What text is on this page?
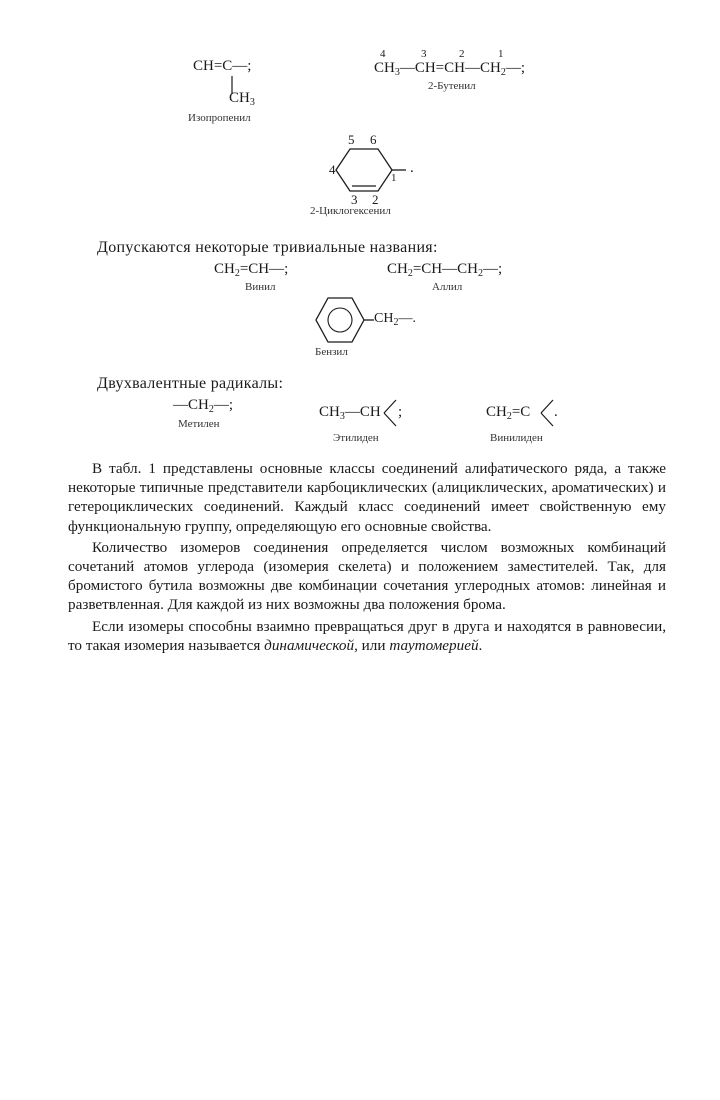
CH=C—;
$CH_3$
Изопропенил
4	3	2	1
$CH_3—CH=CH—CH_2—$;
2-Бутенил
5 6
4
1
3 2
.
2-Циклогексенил
Допускаются некоторые тривиальные названия:
$CH_2=CH—$;
Винил
$CH_2=CH—CH_2—$;
Аллил
$CH_2—$.
Бензил
Двухвалентные радикалы:
$—CH_2—$;
Метилен
$CH_3—CH$ ;
Этилиден
$CH_2=C$ .
Винилиден

В табл. 1 представлены основные классы соединений алифатического ряда, а также некоторые типичные представители карбоциклических (алициклических, ароматических) и гетероциклических соединений. Каждый класс соединений имеет свойственную ему функциональную группу, определяющую его основные свойства.

Количество изомеров соединения определяется числом возможных комбинаций сочетаний атомов углерода (изомерия скелета) и положением заместителей. Так, для бромистого бутила возможны две комбинации сочетания углеродных атомов: линейная и разветвленная. Для каждой из них возможны два положения брома.

Если изомеры способны взаимно превращаться друг в друга и находятся в равновесии, то такая изомерия называется динамической, или таутомерией.
